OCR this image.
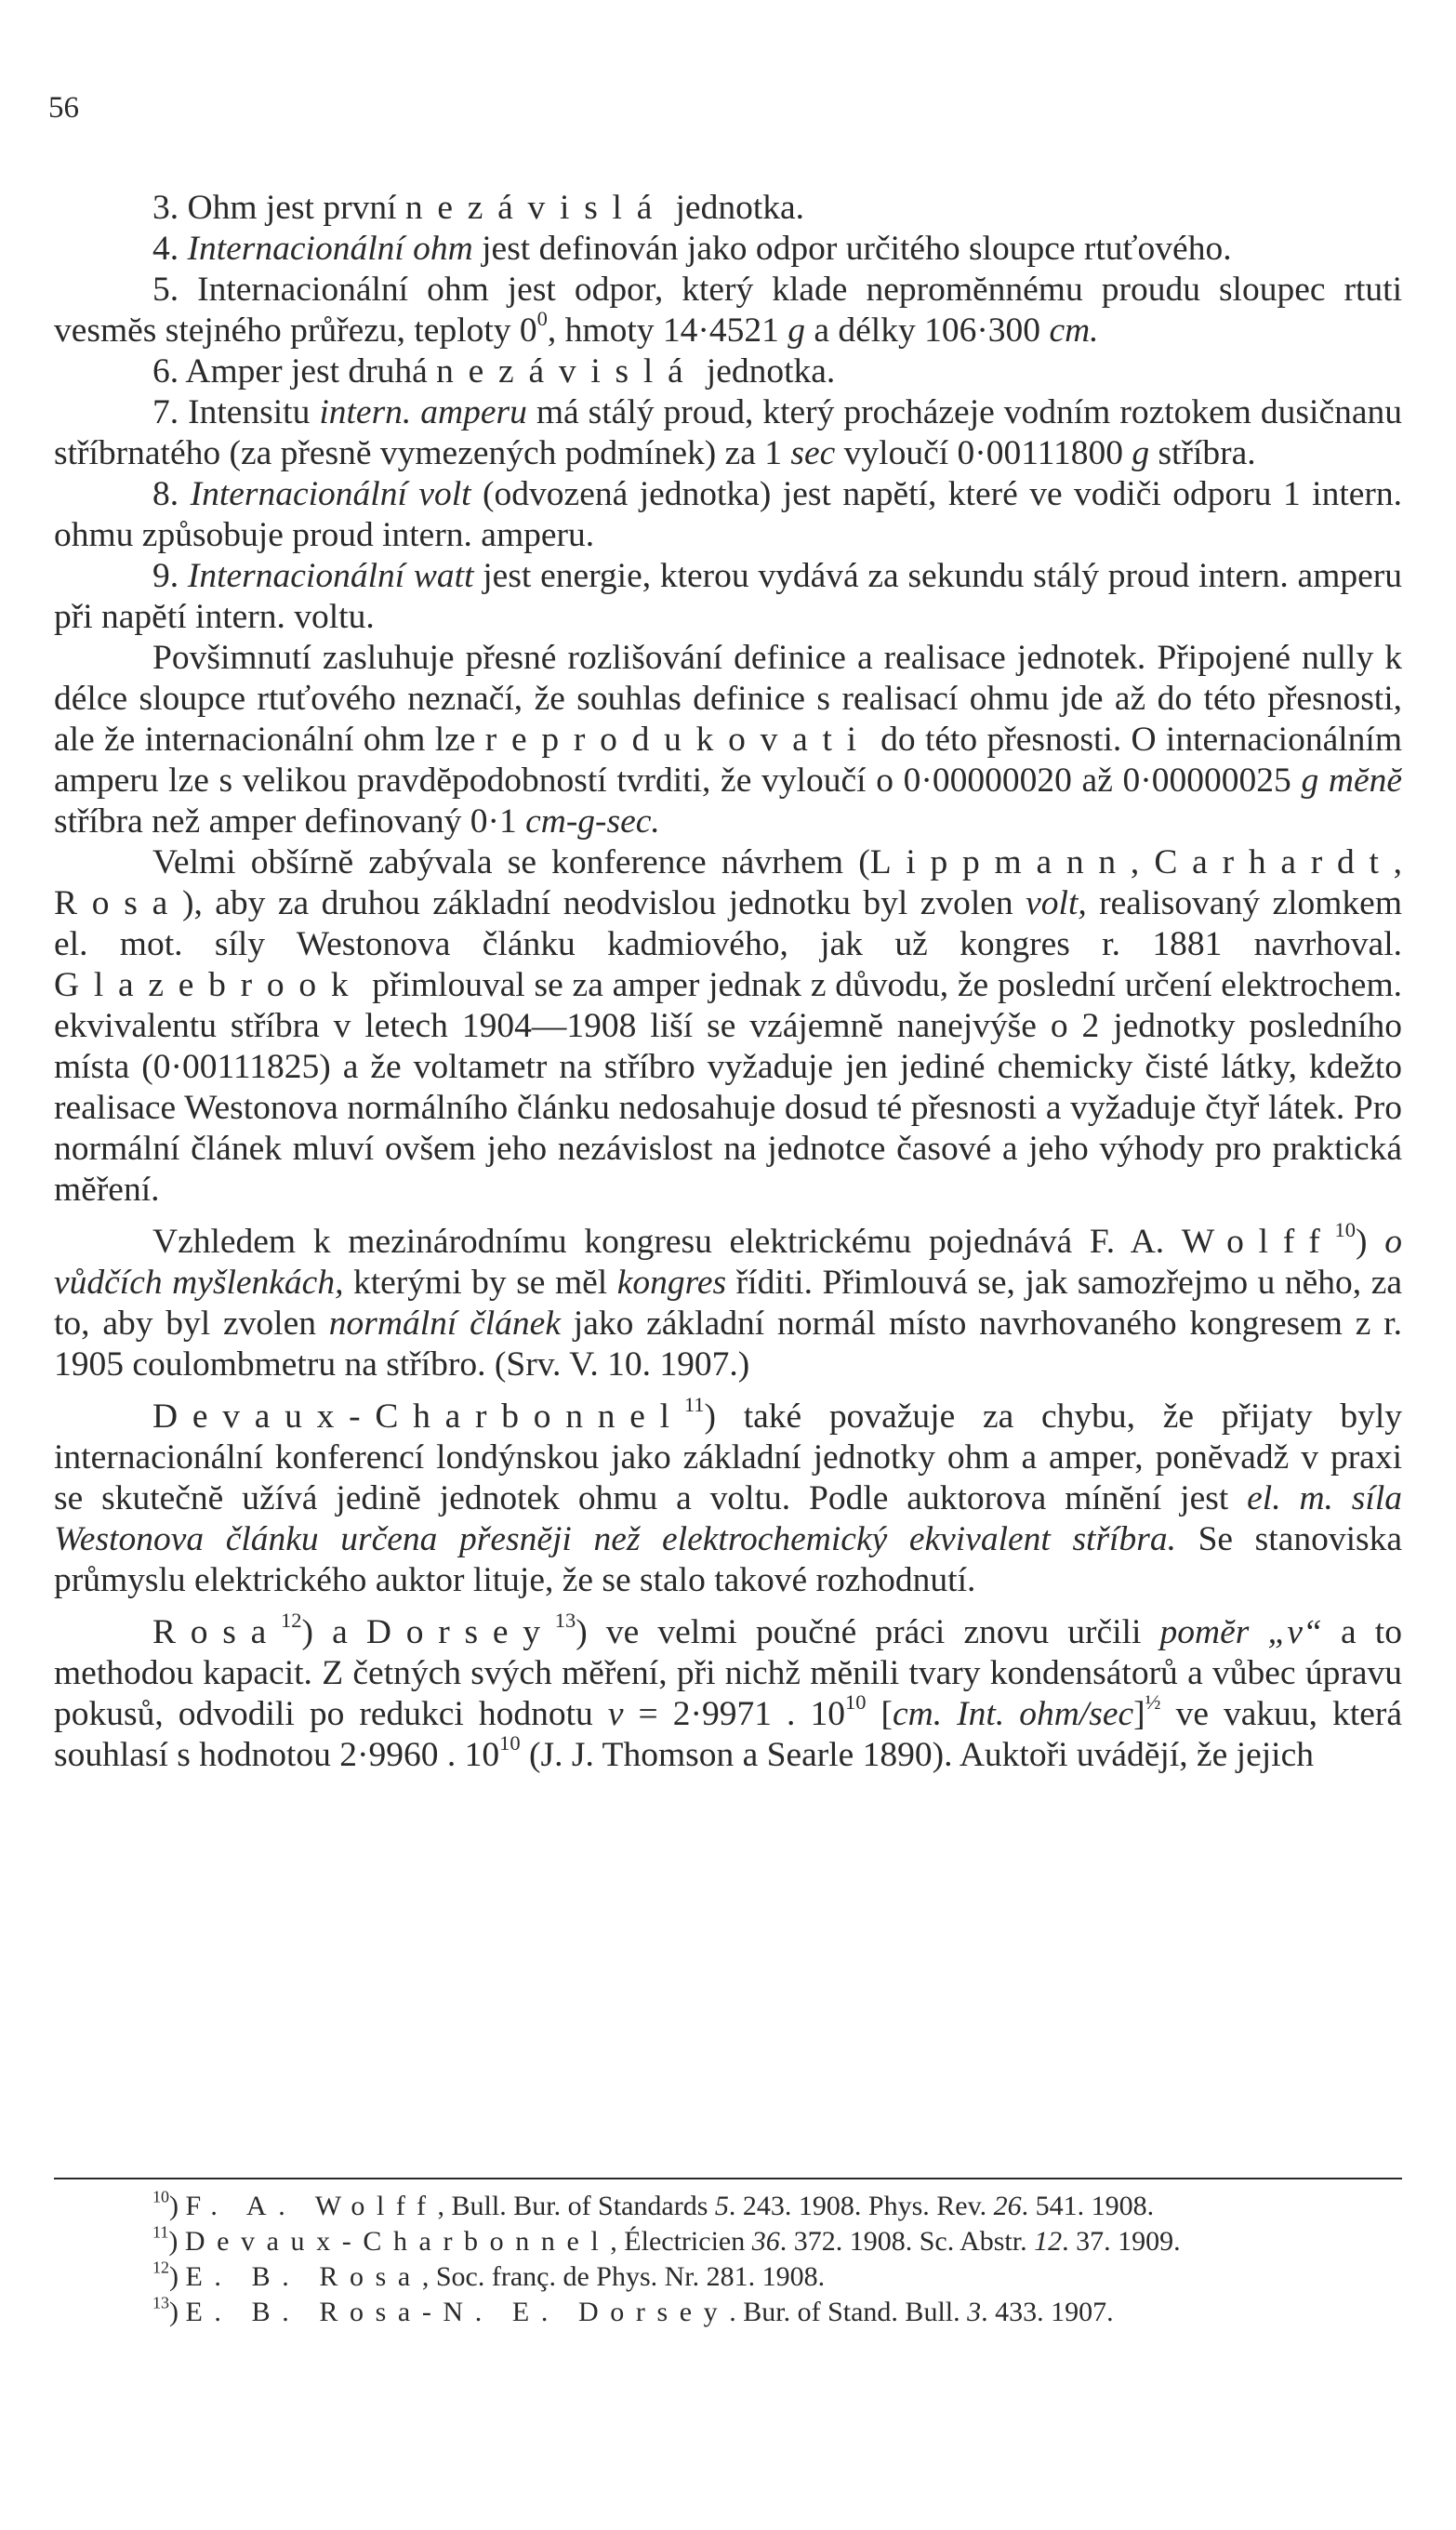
56

3. Ohm jest první nezávislá jednotka.

4. Internacionální ohm jest definován jako odpor určitého sloupce rtuťového.

5. Internacionální ohm jest odpor, který klade nepromĕnnému proudu sloupec rtuti vesmĕs stejného průřezu, teploty $0^0$, hmoty 14·4521 g a délky 106·300 cm.

6. Amper jest druhá nezávislá jednotka.

7. Intensitu intern. amperu má stálý proud, který procházeje vodním roztokem dusičnanu stříbrnatého (za přesnĕ vymezených podmínek) za 1 sec vyloučí 0·00111800 g stříbra.

8. Internacionální volt (odvozená jednotka) jest napĕtí, které ve vodiči odporu 1 intern. ohmu způsobuje proud intern. amperu.

9. Internacionální watt jest energie, kterou vydává za sekundu stálý proud intern. amperu při napĕtí intern. voltu.

Povšimnutí zasluhuje přesné rozlišování definice a realisace jednotek. Připojené nully k délce sloupce rtuťového neznačí, že souhlas definice s realisací ohmu jde až do této přesnosti, ale že internacionální ohm lze reprodukovati do této přesnosti. O internacionálním amperu lze s velikou pravdĕpodobností tvrditi, že vyloučí o 0·00000020 až 0·00000025 g mĕnĕ stříbra než amper definovaný 0·1 cm-g-sec.

Velmi obšírnĕ zabývala se konference návrhem (Lippmann, Carhardt, Rosa), aby za druhou základní neodvislou jednotku byl zvolen volt, realisovaný zlomkem el. mot. síly Westonova článku kadmiového, jak už kongres r. 1881 navrhoval. Glazebrook přimlouval se za amper jednak z důvodu, že poslední určení elektrochem. ekvivalentu stříbra v letech 1904—1908 liší se vzájemnĕ nanejvýše o 2 jednotky posledního místa (0·00111825) a že voltametr na stříbro vyžaduje jen jediné chemicky čisté látky, kdežto realisace Westonova normálního článku nedosahuje dosud té přesnosti a vyžaduje čtyř látek. Pro normální článek mluví ovšem jeho nezávislost na jednotce časové a jeho výhody pro praktická mĕření.

Vzhledem k mezinárodnímu kongresu elektrickému pojednává F. A. Wolff$^{10}$) o vůdčích myšlenkách, kterými by se mĕl kongres říditi. Přimlouvá se, jak samozřejmo u nĕho, za to, aby byl zvolen normální článek jako základní normál místo navrhovaného kongresem z r. 1905 coulombmetru na stříbro. (Srv. V. 10. 1907.)

Devaux-Charbonnel$^{11}$) také považuje za chybu, že přijaty byly internacionální konferencí londýnskou jako základní jednotky ohm a amper, ponĕvadž v praxi se skutečnĕ užívá jedinĕ jednotek ohmu a voltu. Podle auktorova mínĕní jest el. m. síla Westonova článku určena přesnĕji než elektrochemický ekvivalent stříbra. Se stanoviska průmyslu elektrického auktor lituje, že se stalo takové rozhodnutí.

Rosa$^{12}$) a Dorsey$^{13}$) ve velmi poučné práci znovu určili pomĕr „v“ a to methodou kapacit. Z četných svých mĕření, při nichž mĕnili tvary kondensátorů a vůbec úpravu pokusů, odvodili po redukci hodnotu v = 2·9971 . $10^{10}$ [cm. Int. ohm/sec]$^{\frac{1}{2}}$ ve vakuu, která souhlasí s hodnotou 2·9960 . $10^{10}$ (J. J. Thomson a Searle 1890). Auktoři uvádĕjí, že jejich

$^{10}$) F. A. Wolff, Bull. Bur. of Standards 5. 243. 1908. Phys. Rev. 26. 541. 1908.

$^{11}$) Devaux-Charbonnel, Électricien 36. 372. 1908. Sc. Abstr. 12. 37. 1909.

$^{12}$) E. B. Rosa, Soc. franç. de Phys. Nr. 281. 1908.

$^{13}$) E. B. Rosa-N. E. Dorsey. Bur. of Stand. Bull. 3. 433. 1907.
